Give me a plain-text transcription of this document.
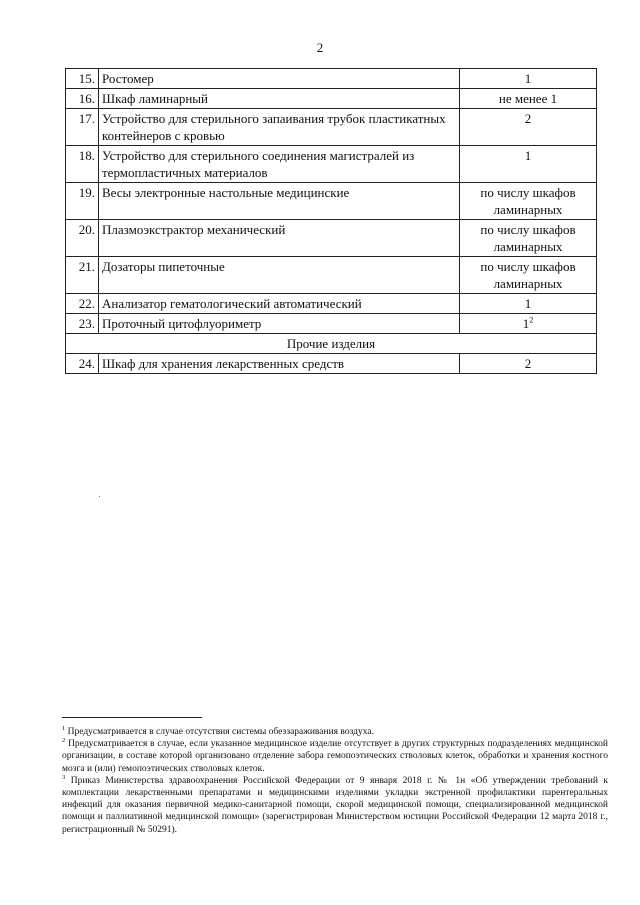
2
15.	Ростомер	1
16.	Шкаф ламинарный	не менее 1
17.	Устройство для стерильного запаивания трубок пластикатных контейнеров с кровью	2
18.	Устройство для стерильного соединения магистралей из термопластичных материалов	1
19.	Весы электронные настольные медицинские	по числу шкафов ламинарных
20.	Плазмоэкстрактор механический	по числу шкафов ламинарных
21.	Дозаторы пипеточные	по числу шкафов ламинарных
22.	Анализатор гематологический автоматический	1
23.	Проточный цитофлуориметр	$1^2$
Прочие изделия		
24.	Шкаф для хранения лекарственных средств	2
$^1$ Предусматривается в случае отсутствия системы обеззараживания воздуха.
$^2$ Предусматривается в случае, если указанное медицинское изделие отсутствует в других структурных подразделениях медицинской организации, в составе которой организовано отделение забора гемопоэтических стволовых клеток, обработки и хранения костного мозга и (или) гемопоэтических стволовых клеток.
$^3$ Приказ Министерства здравоохранения Российской Федерации от 9 января 2018 г. № 1н «Об утверждении требований к комплектации лекарственными препаратами и медицинскими изделиями укладки экстренной профилактики парентеральных инфекций для оказания первичной медико-санитарной помощи, скорой медицинской помощи, специализированной медицинской помощи и паллиативной медицинской помощи» (зарегистрирован Министерством юстиции Российской Федерации 12 марта 2018 г., регистрационный № 50291).
